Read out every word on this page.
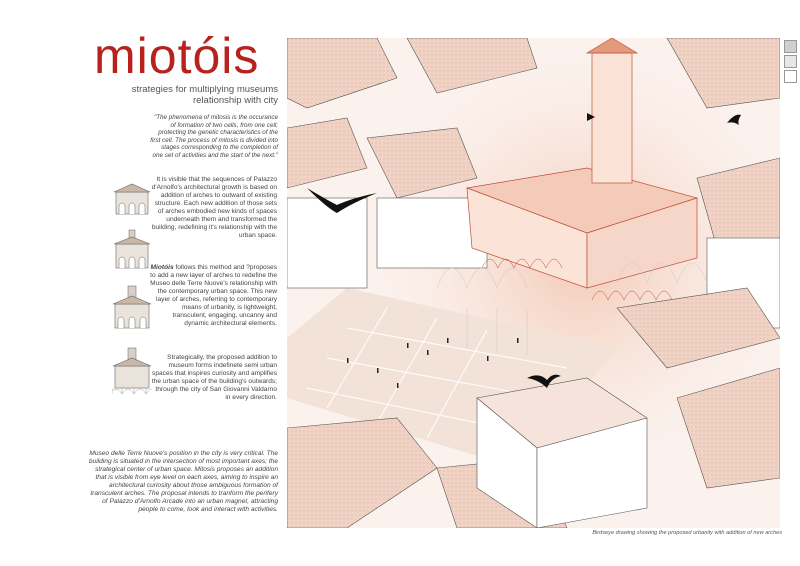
miotóis
strategies for multiplying museums relationship with city
"The phenomena of mitosis is the occurance of formation of two cells, from one cell; protecting the genetic characteristics of the first cell. The process of mitosis is divided into stages corresponding to the completion of one set of activities and the start of the next."
It is visible that the sequences of Palazzo d'Arnolfo's architectural growth is based on addition of arches to outward of existing structure. Each new addition of those sets of arches embodied new kinds of spaces underneath them and transformed the building, redefining it's relationship with the urban space.
Miotóis follows this method and ?proposes to add a new layer of arches to redefine the Museo delle Terre Nuove's relationship with the contemporary urban space. This new layer of arches, referring to contemporary means of urbanity, is lightweight, transculent, engaging, uncanny and dynamic architectural elements.
Strategically, the proposed addition to museum forms indefinete semi urban spaces that inspires curiosity and amplifies the urban space of the building's outwards; through the city of San Giovanni Valdarno in every direction.
Museo delle Terre Nuove's position in the city is very critical. The building is situated in the intersection of most important axes; the strategical center of urban space. Mitosis proposes an addition that is visible from eye level on each axes, aiming to inspire an architectural curiosity about those ambiguous formation of transculent arches. The proposal intends to tranform the perifery of Palazzo d'Arnolfo Arcade into an urban magnet, attracting people to come, look and interact with activities.
Birdseye drawing showing the proposed urbanity with addition of new arches
